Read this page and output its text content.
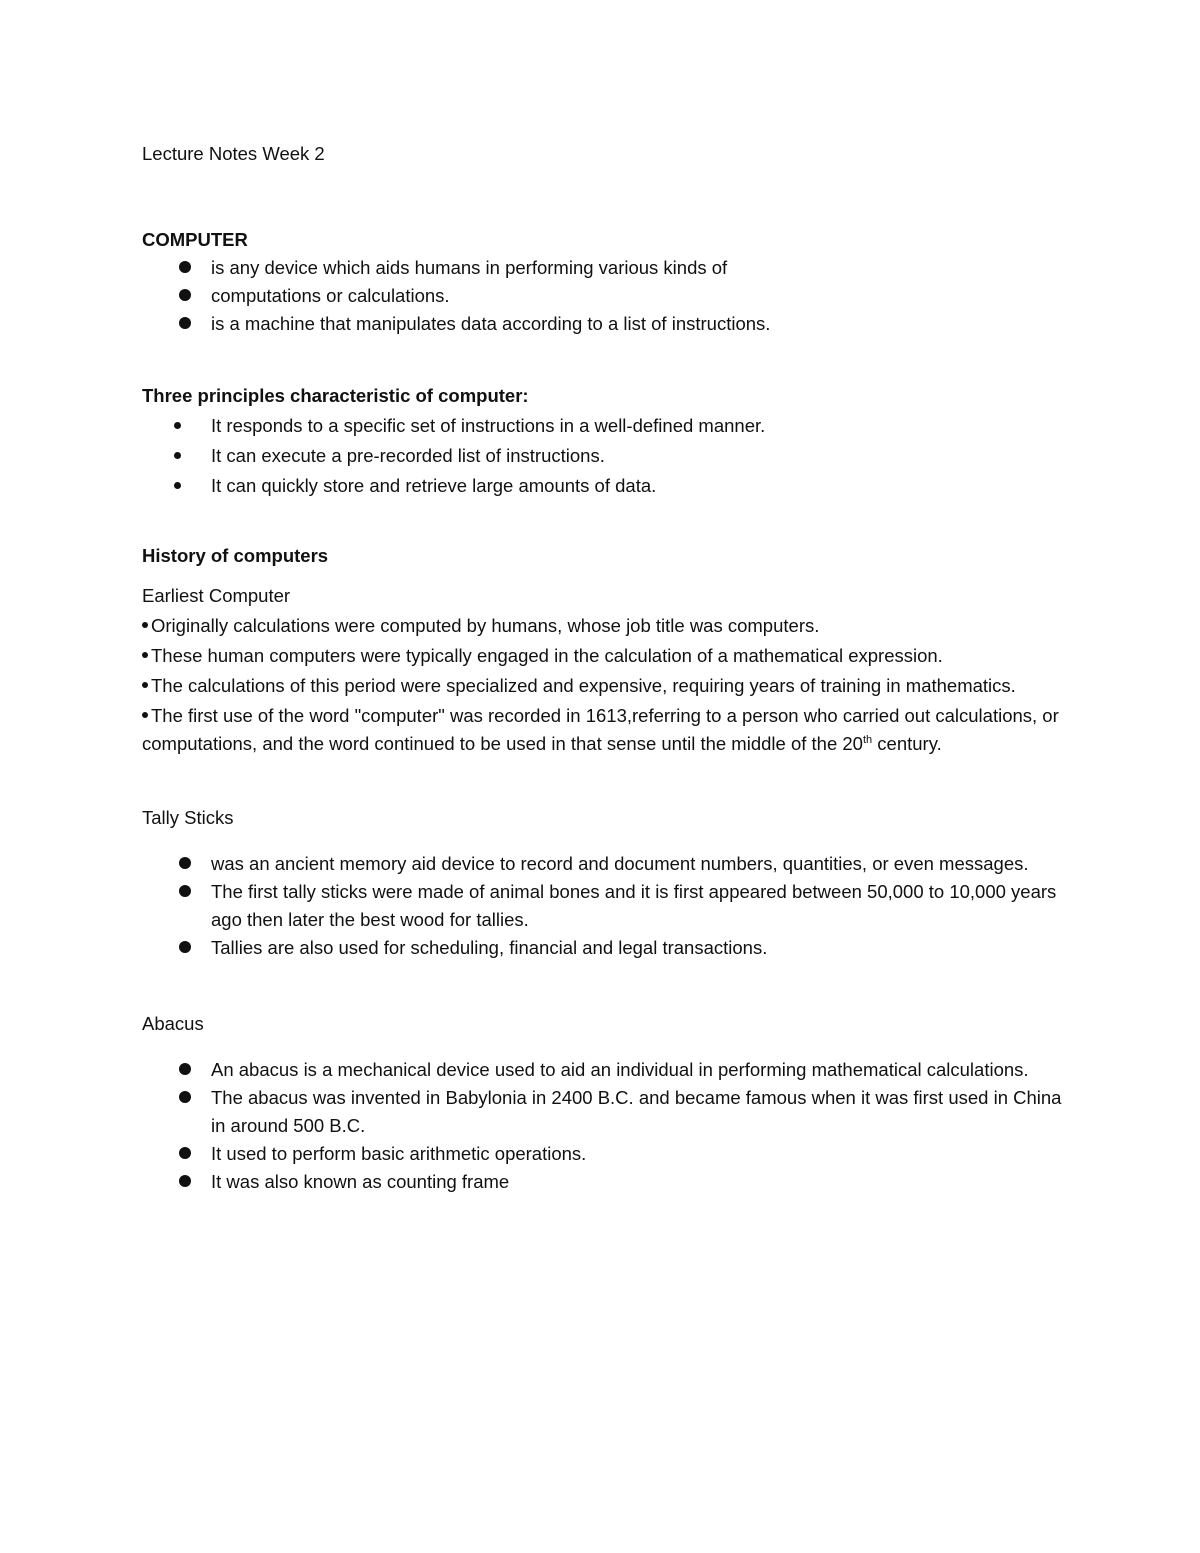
Lecture Notes Week 2

COMPUTER

is any device which aids humans in performing various kinds of
computations or calculations.
is a machine that manipulates data according to a list of instructions.

Three principles characteristic of computer:

It responds to a specific set of instructions in a well-defined manner.
It can execute a pre-recorded list of instructions.
It can quickly store and retrieve large amounts of data.

History of computers

Earliest Computer

Originally calculations were computed by humans, whose job title was computers.

These human computers were typically engaged in the calculation of a mathematical expression.

The calculations of this period were specialized and expensive, requiring years of training in mathematics.

The first use of the word "computer" was recorded in 1613,referring to a person who carried out calculations, or computations, and the word continued to be used in that sense until the middle of the 20th century.

Tally Sticks

was an ancient memory aid device to record and document numbers, quantities, or even messages.
The first tally sticks were made of animal bones and it is first appeared between 50,000 to 10,000 years ago then later the best wood for tallies.
Tallies are also used for scheduling, financial and legal transactions.

Abacus

An abacus is a mechanical device used to aid an individual in performing mathematical calculations.
The abacus was invented in Babylonia in 2400 B.C. and became famous when it was first used in China in around 500 B.C.
It used to perform basic arithmetic operations.
It was also known as counting frame
